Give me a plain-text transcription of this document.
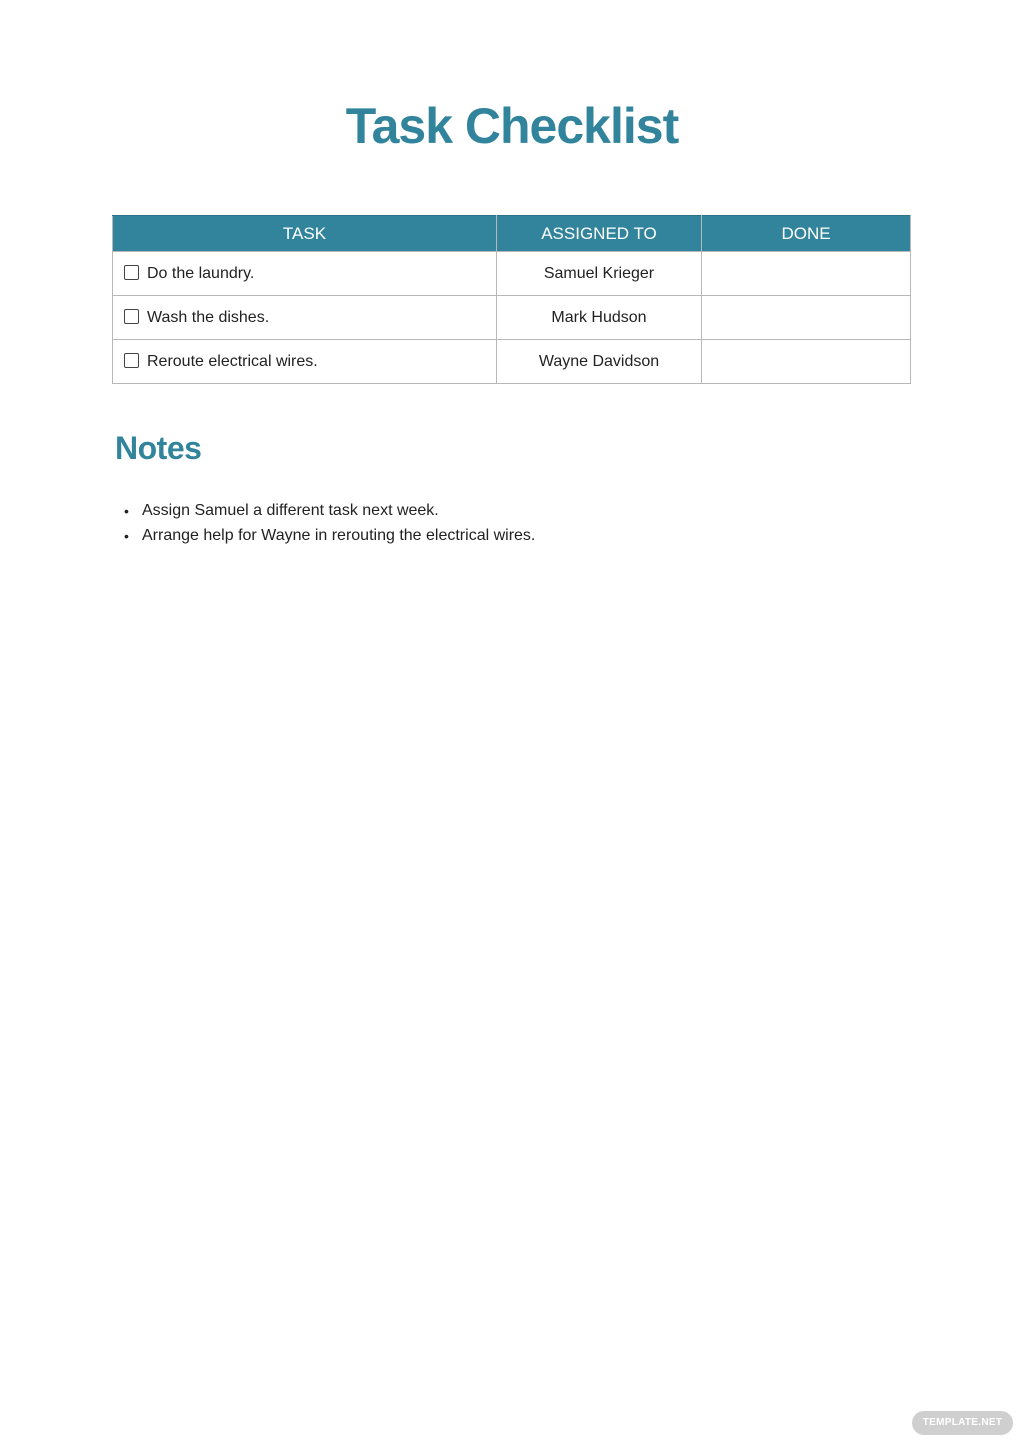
Task Checklist
TASK	ASSIGNED TO	DONE
Do the laundry.	Samuel Krieger	
Wash the dishes.	Mark Hudson	
Reroute electrical wires.	Wayne Davidson	
Notes
• Assign Samuel a different task next week.
• Arrange help for Wayne in rerouting the electrical wires.
TEMPLATE.NET
